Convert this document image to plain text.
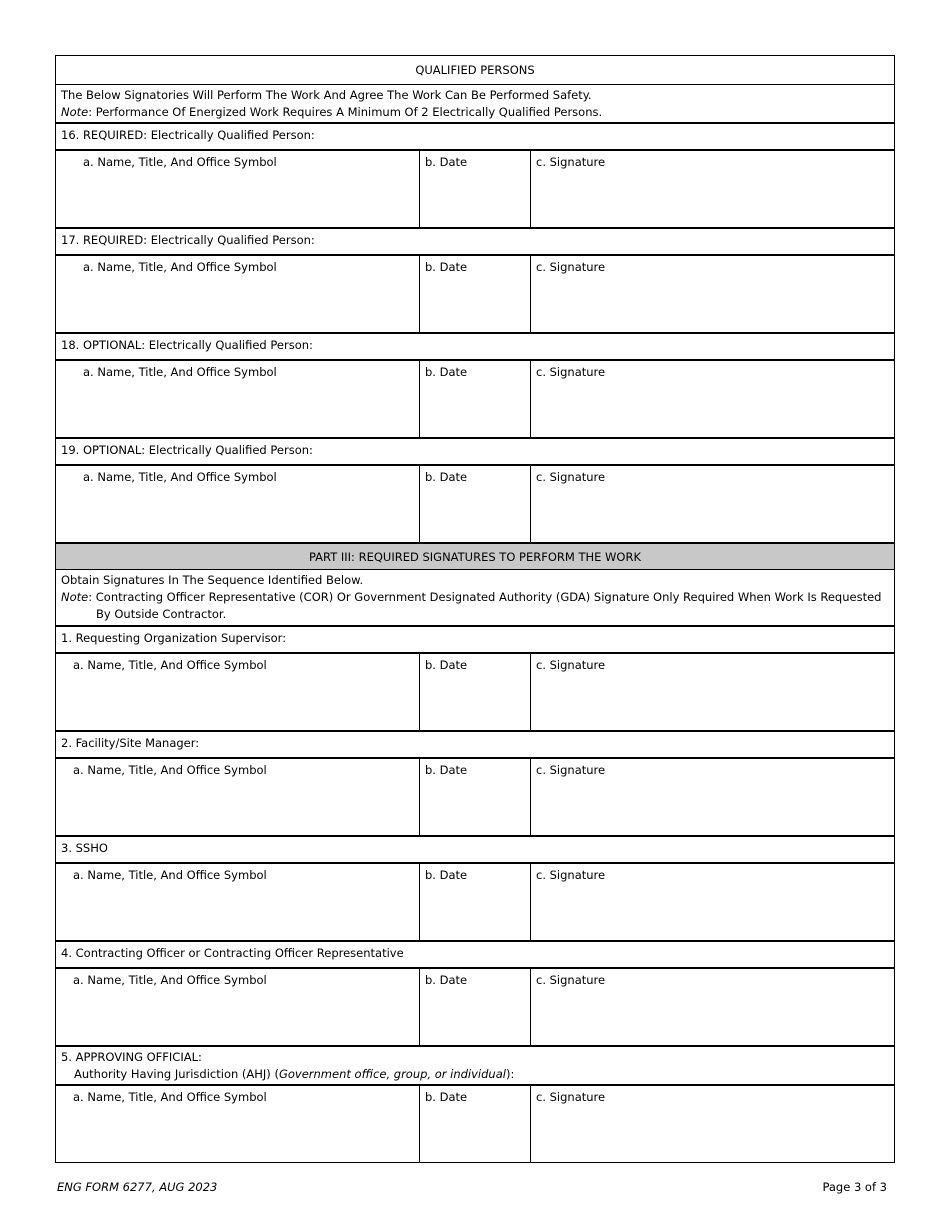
QUALIFIED PERSONS
The Below Signatories Will Perform The Work And Agree The Work Can Be Performed Safety.
Note: Performance Of Energized Work Requires A Minimum Of 2 Electrically Qualified Persons.
16. REQUIRED: Electrically Qualified Person:
a. Name, Title, And Office Symbol	b. Date	c. Signature
17. REQUIRED: Electrically Qualified Person:
a. Name, Title, And Office Symbol	b. Date	c. Signature
18. OPTIONAL: Electrically Qualified Person:
a. Name, Title, And Office Symbol	b. Date	c. Signature
19. OPTIONAL: Electrically Qualified Person:
a. Name, Title, And Office Symbol	b. Date	c. Signature
PART III: REQUIRED SIGNATURES TO PERFORM THE WORK
Obtain Signatures In The Sequence Identified Below.
Note: Contracting Officer Representative (COR) Or Government Designated Authority (GDA) Signature Only Required When Work Is Requested By Outside Contractor.
1. Requesting Organization Supervisor:
a. Name, Title, And Office Symbol	b. Date	c. Signature
2. Facility/Site Manager:
a. Name, Title, And Office Symbol	b. Date	c. Signature
3. SSHO
a. Name, Title, And Office Symbol	b. Date	c. Signature
4. Contracting Officer or Contracting Officer Representative
a. Name, Title, And Office Symbol	b. Date	c. Signature
5. APPROVING OFFICIAL:
Authority Having Jurisdiction (AHJ) (Government office, group, or individual):
a. Name, Title, And Office Symbol	b. Date	c. Signature
ENG FORM 6277, AUG 2023	Page 3 of 3
